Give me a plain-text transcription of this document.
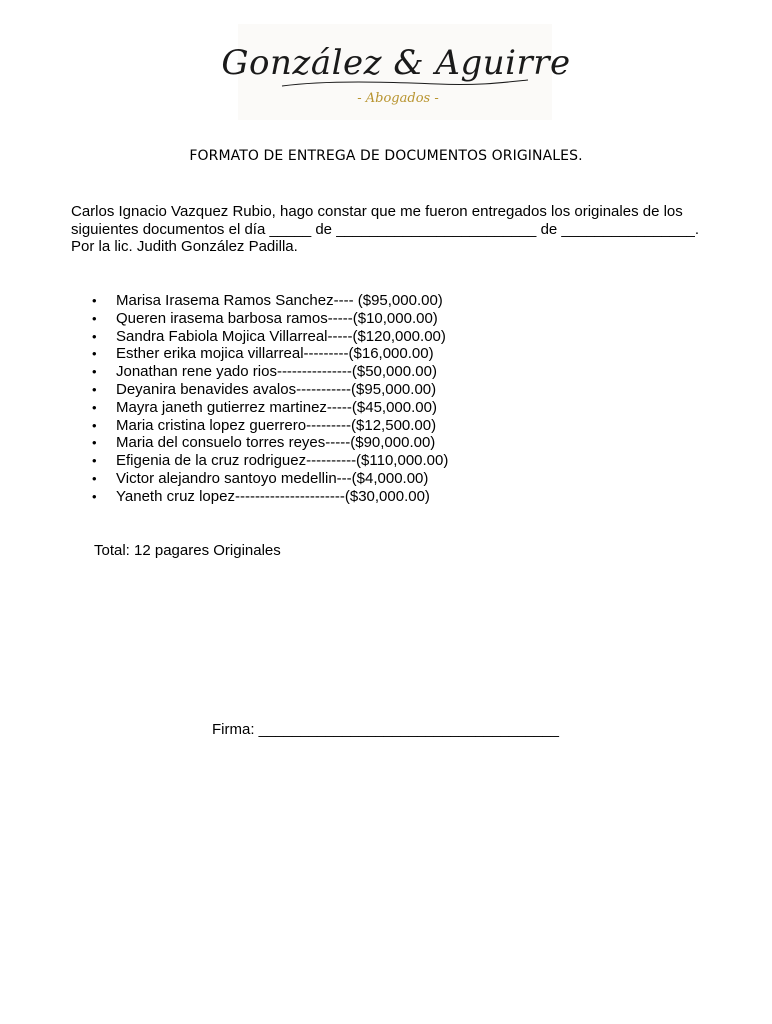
González & Aguirre
- Abogados -
FORMATO DE ENTREGA DE DOCUMENTOS ORIGINALES.

Carlos Ignacio Vazquez Rubio, hago constar que me fueron entregados los originales de los
siguientes documentos el día _____ de ________________________ de ________________.
Por la lic. Judith González Padilla.

• Marisa Irasema Ramos Sanchez---- ($95,000.00)
• Queren irasema barbosa ramos-----($10,000.00)
• Sandra Fabiola Mojica Villarreal-----($120,000.00)
• Esther erika mojica villarreal---------($16,000.00)
• Jonathan rene yado rios---------------($50,000.00)
• Deyanira benavides avalos-----------($95,000.00)
• Mayra janeth gutierrez martinez-----($45,000.00)
• Maria cristina lopez guerrero---------($12,500.00)
• Maria del consuelo torres reyes-----($90,000.00)
• Efigenia de la cruz rodriguez----------($110,000.00)
• Victor alejandro santoyo medellin---($4,000.00)
• Yaneth cruz lopez----------------------($30,000.00)

Total: 12 pagares Originales

Firma: ____________________________________
